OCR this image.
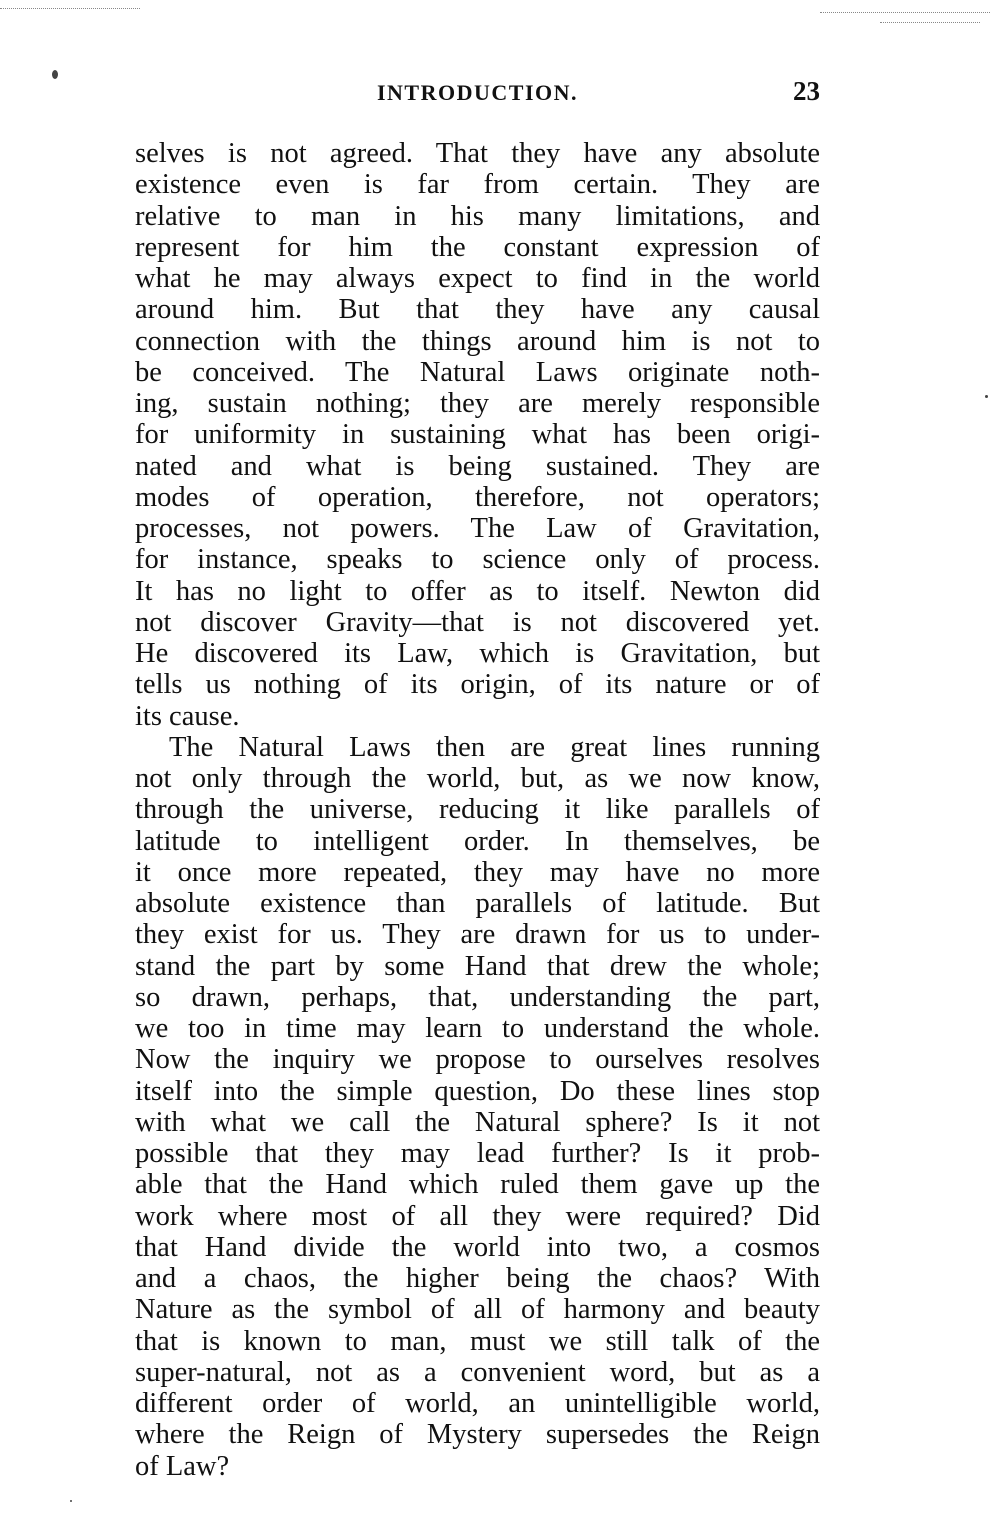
INTRODUCTION.	23
selves is not agreed. That they have any absolute
existence even is far from certain. They are
relative to man in his many limitations, and
represent for him the constant expression of
what he may always expect to find in the world
around him. But that they have any causal
connection with the things around him is not to
be conceived. The Natural Laws originate noth-
ing, sustain nothing; they are merely responsible
for uniformity in sustaining what has been origi-
nated and what is being sustained. They are
modes of operation, therefore, not operators;
processes, not powers. The Law of Gravitation,
for instance, speaks to science only of process.
It has no light to offer as to itself. Newton did
not discover Gravity—that is not discovered yet.
He discovered its Law, which is Gravitation, but
tells us nothing of its origin, of its nature or of
its cause.
The Natural Laws then are great lines running
not only through the world, but, as we now know,
through the universe, reducing it like parallels of
latitude to intelligent order. In themselves, be
it once more repeated, they may have no more
absolute existence than parallels of latitude. But
they exist for us. They are drawn for us to under-
stand the part by some Hand that drew the whole;
so drawn, perhaps, that, understanding the part,
we too in time may learn to understand the whole.
Now the inquiry we propose to ourselves resolves
itself into the simple question, Do these lines stop
with what we call the Natural sphere? Is it not
possible that they may lead further? Is it prob-
able that the Hand which ruled them gave up the
work where most of all they were required? Did
that Hand divide the world into two, a cosmos
and a chaos, the higher being the chaos? With
Nature as the symbol of all of harmony and beauty
that is known to man, must we still talk of the
super-natural, not as a convenient word, but as a
different order of world, an unintelligible world,
where the Reign of Mystery supersedes the Reign
of Law?
